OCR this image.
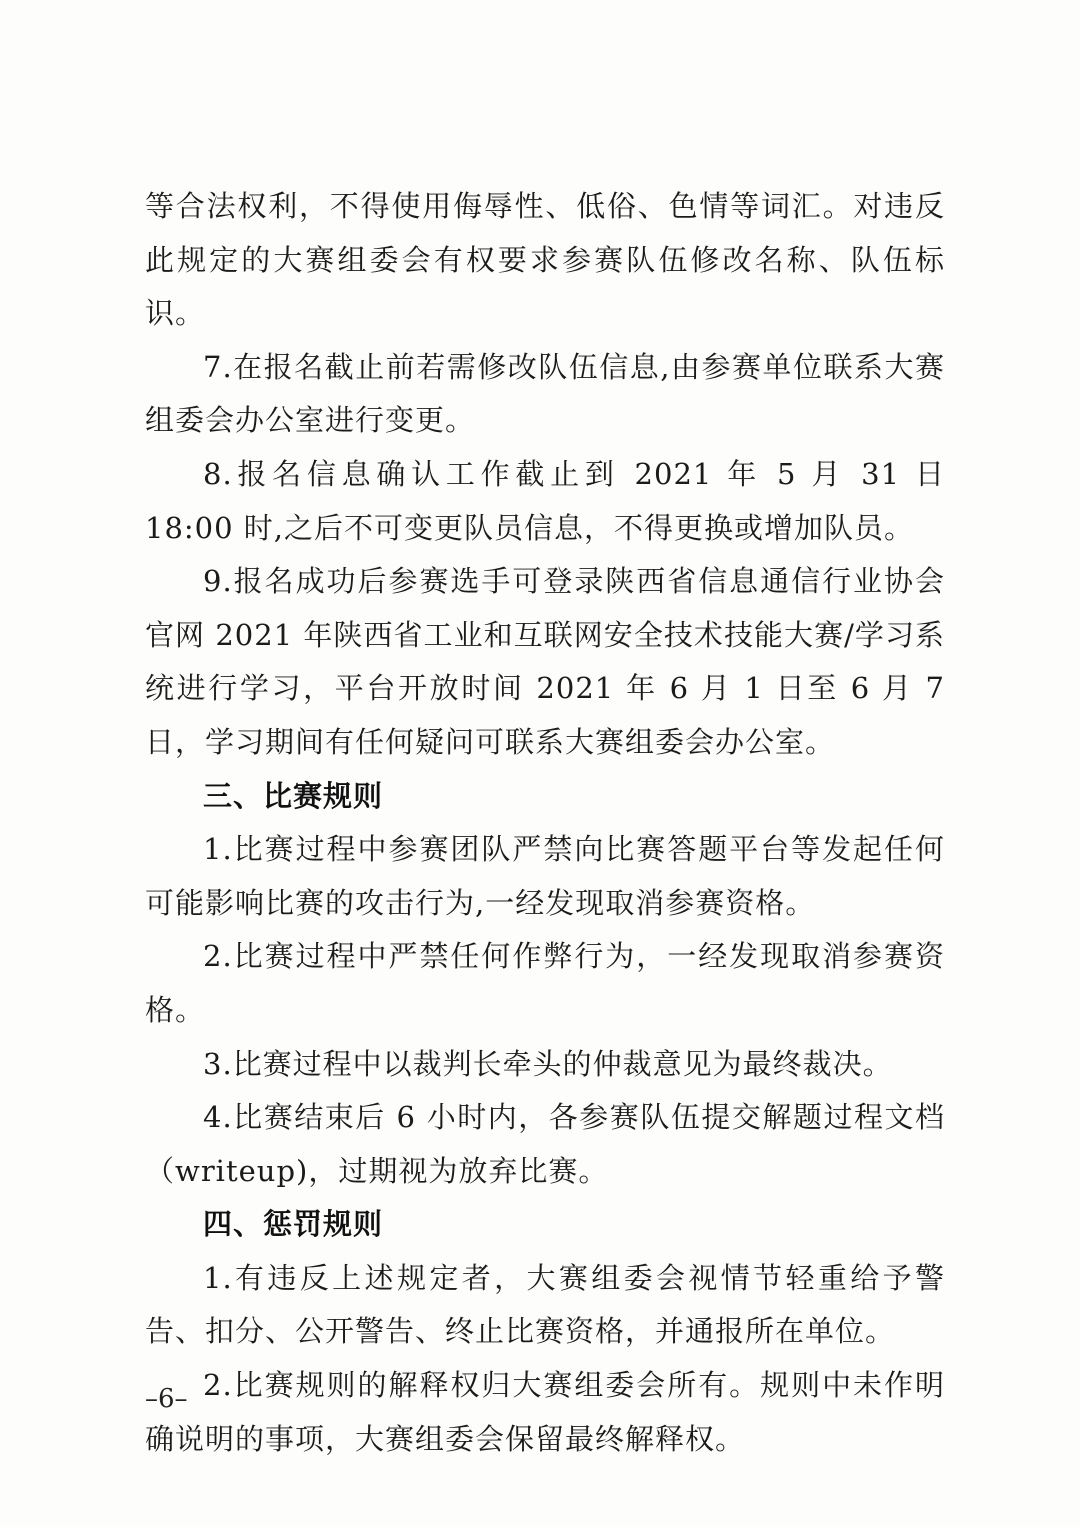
等合法权利，不得使用侮辱性、低俗、色情等词汇。对违反此规定的大赛组委会有权要求参赛队伍修改名称、队伍标识。

7.在报名截止前若需修改队伍信息,由参赛单位联系大赛组委会办公室进行变更。

8.报名信息确认工作截止到 2021 年 5 月 31 日 18:00 时,之后不可变更队员信息，不得更换或增加队员。

9.报名成功后参赛选手可登录陕西省信息通信行业协会官网 2021 年陕西省工业和互联网安全技术技能大赛/学习系统进行学习，平台开放时间 2021 年 6 月 1 日至 6 月 7 日，学习期间有任何疑问可联系大赛组委会办公室。

三、比赛规则

1.比赛过程中参赛团队严禁向比赛答题平台等发起任何可能影响比赛的攻击行为,一经发现取消参赛资格。

2.比赛过程中严禁任何作弊行为，一经发现取消参赛资格。

3.比赛过程中以裁判长牵头的仲裁意见为最终裁决。

4.比赛结束后 6 小时内，各参赛队伍提交解题过程文档（writeup)，过期视为放弃比赛。

四、惩罚规则

1.有违反上述规定者，大赛组委会视情节轻重给予警告、扣分、公开警告、终止比赛资格，并通报所在单位。

2.比赛规则的解释权归大赛组委会所有。规则中未作明确说明的事项，大赛组委会保留最终解释权。

–6–
